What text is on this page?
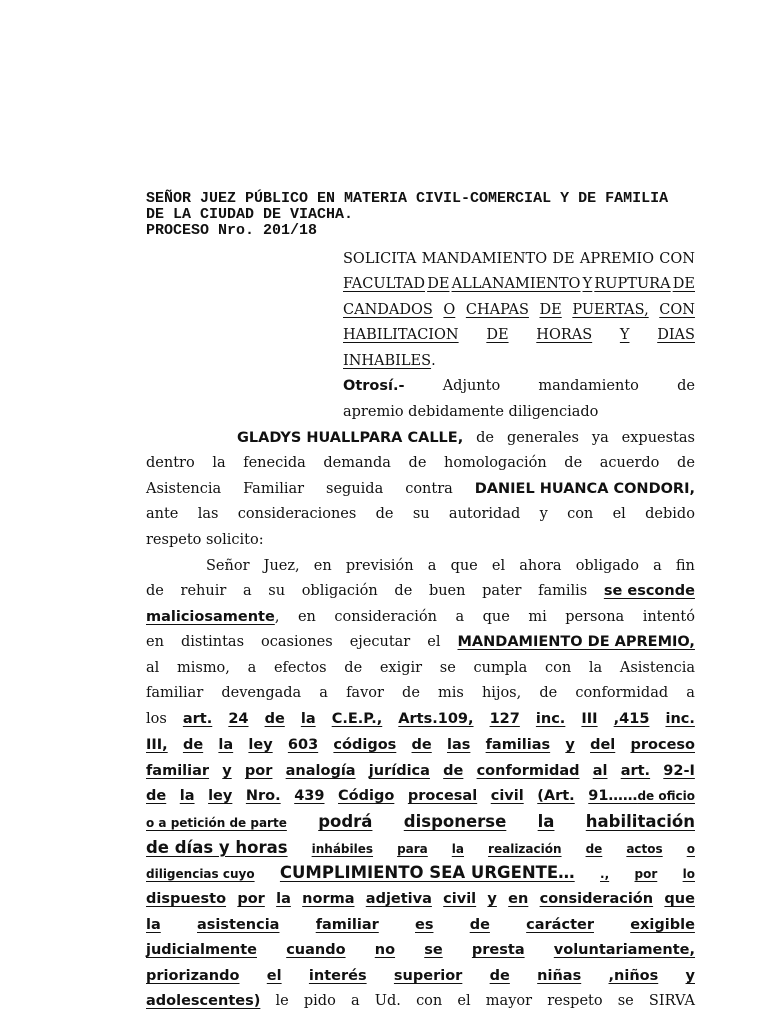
SEÑOR JUEZ PÚBLICO EN MATERIA CIVIL-COMERCIAL Y DE FAMILIA
DE LA CIUDAD DE VIACHA.
PROCESO Nro. 201/18
SOLICITA MANDAMIENTO DE APREMIO CON
FACULTAD DE ALLANAMIENTO Y RUPTURA DE
CANDADOS O CHAPAS DE PUERTAS, CON
HABILITACION DE HORAS Y DIAS
INHABILES .
Otrosí.-	Adjunto	mandamiento	de
apremio debidamente diligenciado
GLADYS HUALLPARA CALLE, de generales ya expuestas
dentro la fenecida demanda de homologación de acuerdo de
Asistencia Familiar seguida contra DANIEL HUANCA CONDORI,
ante las consideraciones de su autoridad y con el debido
respeto solicito:
Señor Juez, en previsión a que el ahora obligado a fin
de rehuir a su obligación de buen pater familis se esconde
maliciosamente, en consideración a que mi persona intentó
en distintas ocasiones ejecutar el MANDAMIENTO DE APREMIO,
al mismo, a efectos de exigir se cumpla con la Asistencia
familiar devengada a favor de mis hijos, de conformidad a
los art. 24 de la C.E.P., Arts.109, 127 inc. III ,415 inc.
III, de la ley 603 códigos de las familias y del proceso
familiar y por analogía jurídica de conformidad al art. 92-I
de la ley Nro. 439 Código procesal civil (Art. 91……de oficio
o a petición de parte podrá disponerse la habilitación
de días y horas inhábiles para la realización de actos o
diligencias cuyo CUMPLIMIENTO SEA URGENTE… ., por lo
dispuesto por la norma adjetiva civil y en consideración que
la asistencia familiar es de carácter exigible
judicialmente cuando no se presta voluntariamente,
priorizando el interés superior de niñas ,niños y
adolescentes) le pido a Ud. con el mayor respeto se SIRVA
